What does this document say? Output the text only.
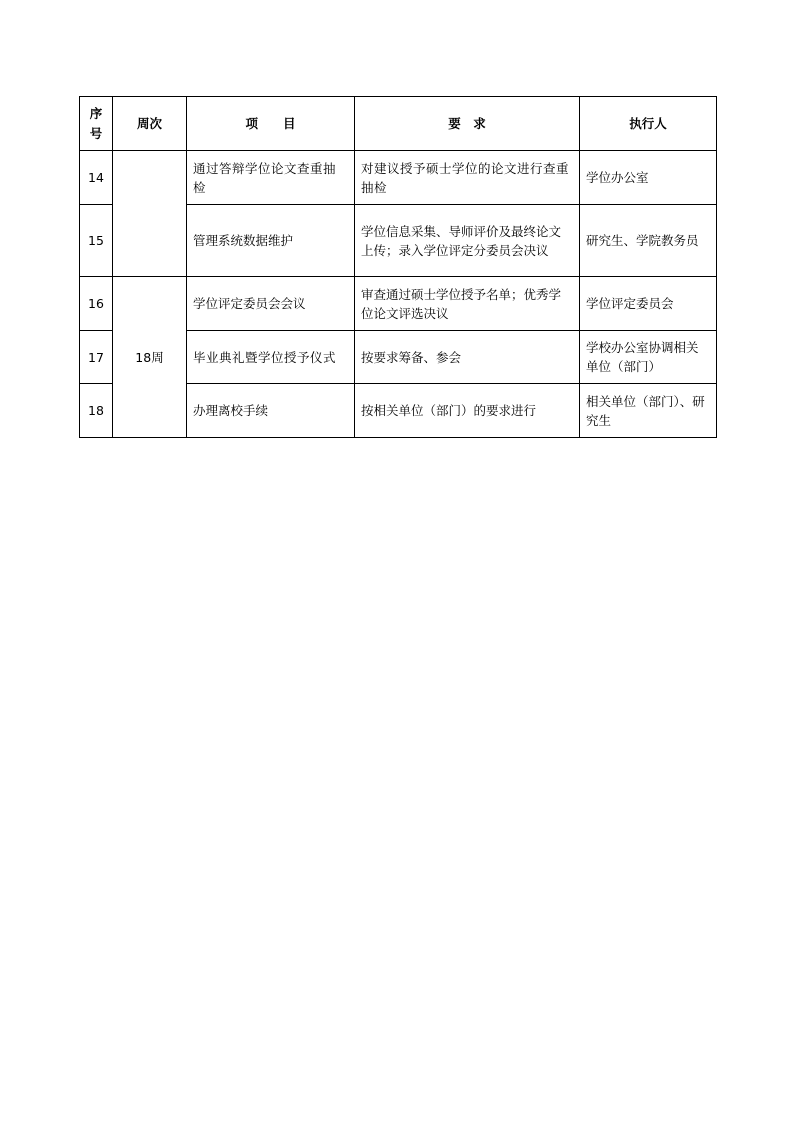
序
号	周次	项　　目	要　求	执行人
14		通过答辩学位论文查重抽检	对建议授予硕士学位的论文进行查重抽检	学位办公室
15		管理系统数据维护	学位信息采集、导师评价及最终论文上传；录入学位评定分委员会决议	研究生、学院教务员
16	18周	学位评定委员会会议	审查通过硕士学位授予名单；优秀学位论文评选决议	学位评定委员会
17		毕业典礼暨学位授予仪式	按要求筹备、参会	学校办公室协调相关单位（部门）
18		办理离校手续	按相关单位（部门）的要求进行	相关单位（部门）、研究生
